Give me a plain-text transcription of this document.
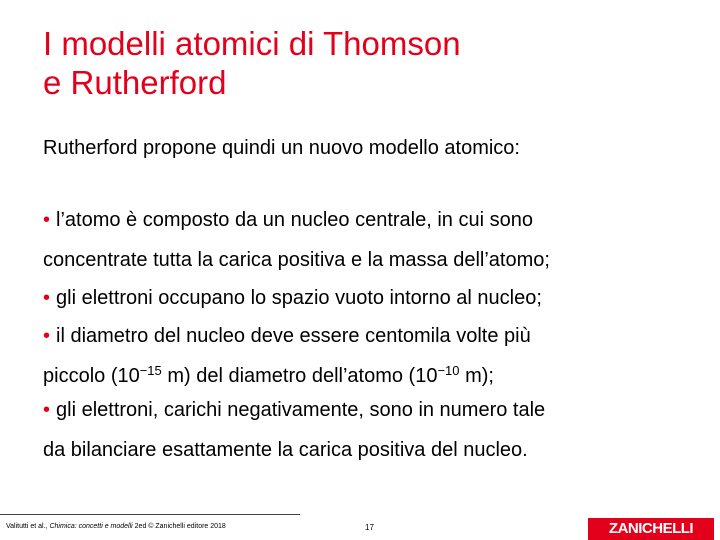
I modelli atomici di Thomson
e Rutherford

Rutherford propone quindi un nuovo modello atomico:

• l’atomo è composto da un nucleo centrale, in cui sono
concentrate tutta la carica positiva e la massa dell’atomo;

• gli elettroni occupano lo spazio vuoto intorno al nucleo;

• il diametro del nucleo deve essere centomila volte più
piccolo ($10^{-15}$ m) del diametro dell’atomo ($10^{-10}$ m);

• gli elettroni, carichi negativamente, sono in numero tale
da bilanciare esattamente la carica positiva del nucleo.

Valitutti et al., Chimica: concetti e modelli 2ed © Zanichelli editore 2018	17	ZANICHELLI
